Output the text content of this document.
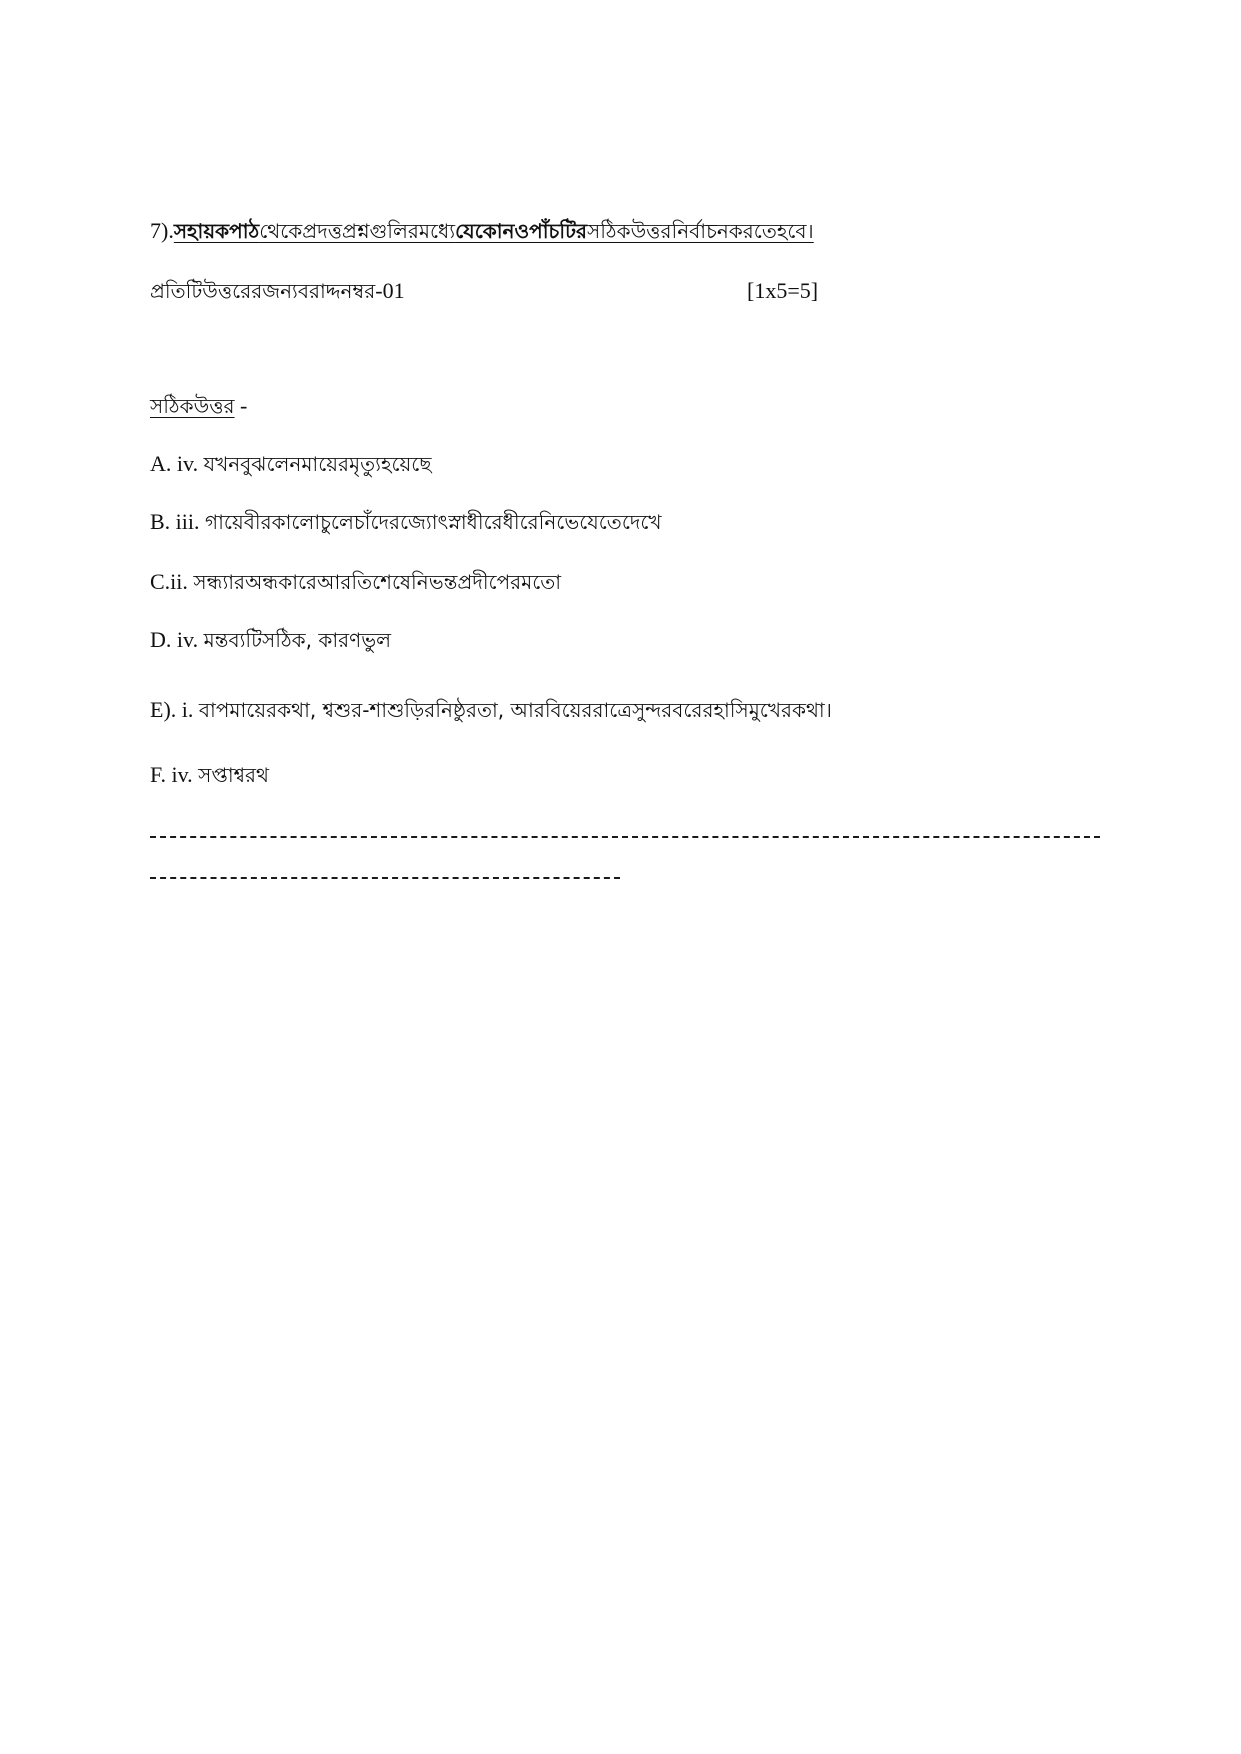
7).সহায়কপাঠথেকেপ্রদত্তপ্রশ্নগুলিরমধ্যেযেকোনওপাঁচটিরসঠিকউত্তরনির্বাচনকরতেহবে।
প্রতিটিউত্তরেরজন্যবরাদ্দনম্বর-01	[1x5=5]
সঠিকউত্তর -
A. iv. যখনবুঝলেনমায়েরমৃত্যুহয়েছে
B. iii. গায়েবীরকালোচুলেচাঁদেরজ্যোৎস্নাধীরেধীরেনিভেযেতেদেখে
C.ii. সন্ধ্যারঅন্ধকারেআরতিশেষেনিভন্তপ্রদীপেরমতো
D. iv. মন্তব্যটিসঠিক, কারণভুল
E). i. বাপমায়েরকথা, শ্বশুর-শাশুড়িরনিষ্ঠুরতা, আরবিয়েররাত্রেসুন্দরবরেরহাসিমুখেরকথা।
F. iv. সপ্তাশ্বরথ
